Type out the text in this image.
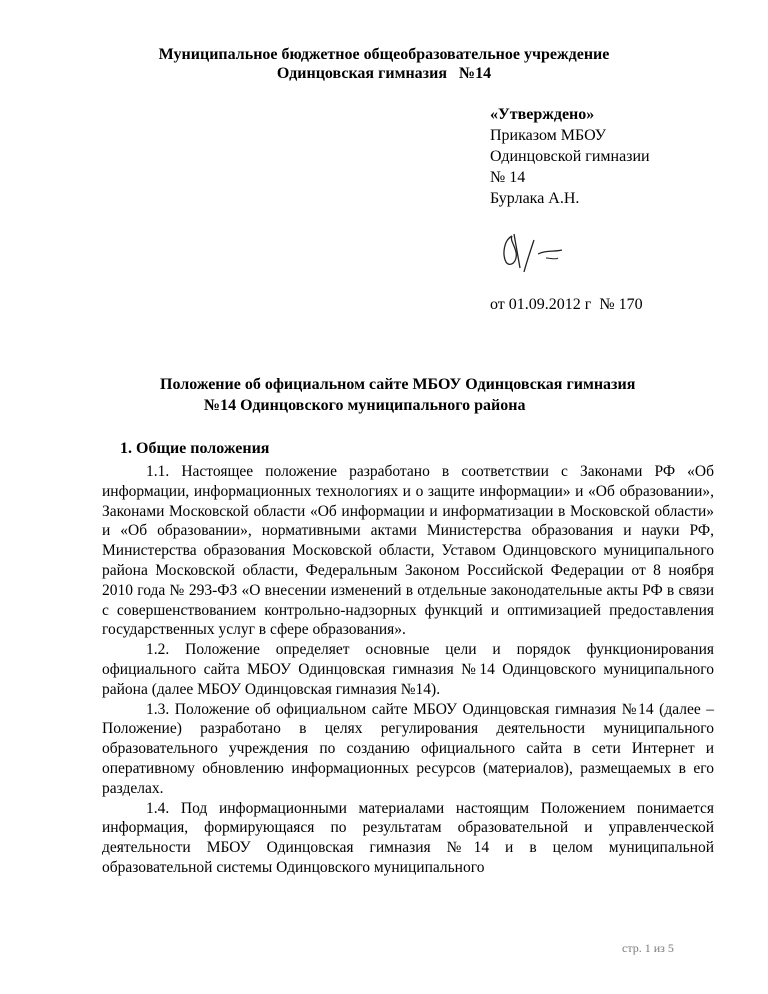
Муниципальное бюджетное общеобразовательное учреждение
Одинцовская гимназия   №14
«Утверждено»
Приказом МБОУ
Одинцовской гимназии
№ 14
Бурлака А.Н.
от 01.09.2012 г  № 170
Положение об официальном сайте МБОУ Одинцовская гимназия
№14 Одинцовского муниципального района
1. Общие положения

1.1. Настоящее положение разработано в соответствии с Законами РФ «Об информации, информационных технологиях и о защите информации» и «Об образовании», Законами Московской области «Об информации и информатизации в Московской области» и «Об образовании», нормативными актами Министерства образования и науки РФ, Министерства образования Московской области, Уставом Одинцовского муниципального района Московской области, Федеральным Законом Российской Федерации от 8 ноября 2010 года № 293-ФЗ «О внесении изменений в отдельные законодательные акты РФ в связи с совершенствованием контрольно-надзорных функций и оптимизацией предоставления государственных услуг в сфере образования».

1.2. Положение определяет основные цели и порядок функционирования официального сайта МБОУ Одинцовская гимназия №14 Одинцовского муниципального района (далее МБОУ Одинцовская гимназия №14).

1.3. Положение об официальном сайте МБОУ Одинцовская гимназия №14 (далее – Положение) разработано в целях регулирования деятельности муниципального образовательного учреждения по созданию официального сайта в сети Интернет и оперативному обновлению информационных ресурсов (материалов), размещаемых в его разделах.

1.4. Под информационными материалами настоящим Положением понимается информация, формирующаяся по результатам образовательной и управленческой деятельности МБОУ Одинцовская гимназия №14 и в целом муниципальной образовательной системы Одинцовского муниципального

стр. 1 из 5
